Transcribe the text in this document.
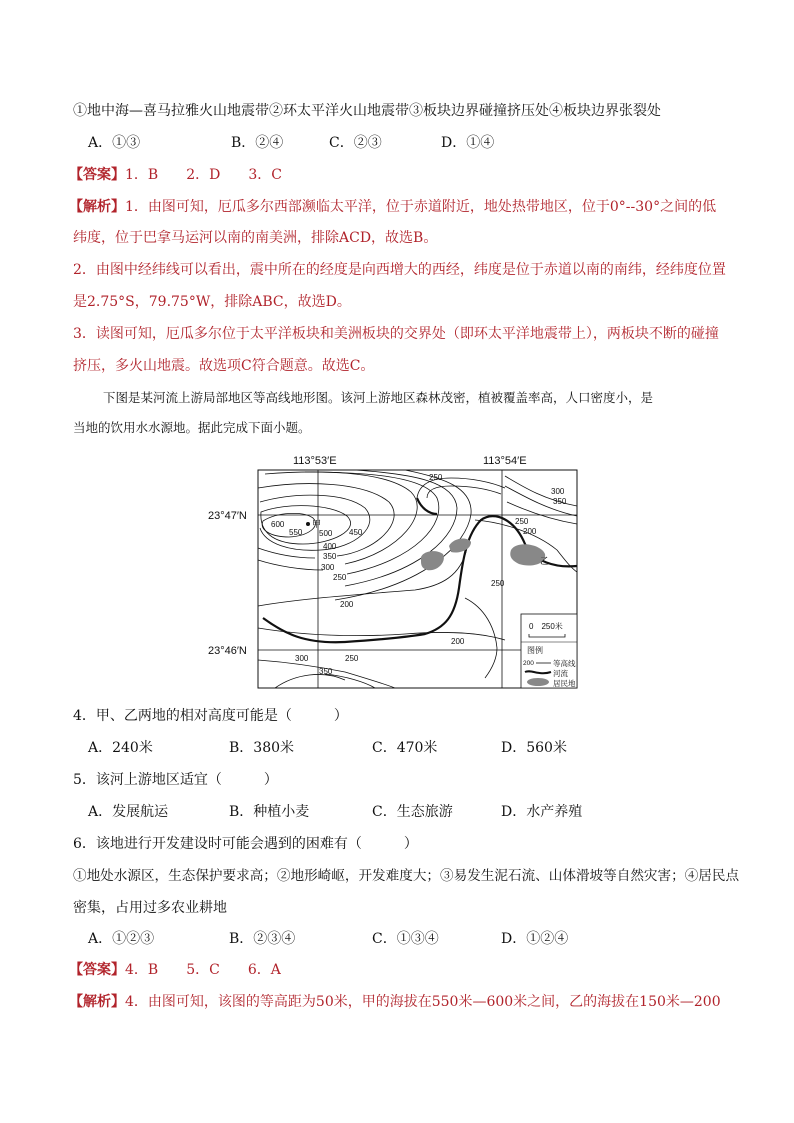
①地中海—喜马拉雅火山地震带②环太平洋火山地震带③板块边界碰撞挤压处④板块边界张裂处
A．①③	B．②④	C．②③	D．①④
【答案】1．B　　2．D　　3．C
【解析】1．由图可知，厄瓜多尔西部濒临太平洋，位于赤道附近，地处热带地区，位于0°--30°之间的低
纬度，位于巴拿马运河以南的南美洲，排除ACD，故选B。
2．由图中经纬线可以看出，震中所在的经度是向西增大的西经，纬度是位于赤道以南的南纬，经纬度位置
是2.75°S，79.75°W，排除ABC，故选D。
3．读图可知，厄瓜多尔位于太平洋板块和美洲板块的交界处（即环太平洋地震带上），两板块不断的碰撞
挤压，多火山地震。故选项C符合题意。故选C。
下图是某河流上游局部地区等高线地形图。该河上游地区森林茂密，植被覆盖率高，人口密度小，是
当地的饮用水水源地。据此完成下面小题。
113°53′E	113°54′E
23°47′N
23°46′N
甲
乙
600
550 500 450
400
350
300
250
200
250
300
350
250
200
250
200
300	250
350
0　250米
图例
200	等高线
河流
居民地
4．甲、乙两地的相对高度可能是（　　　）
A．240米	B．380米	C．470米	D．560米
5．该河上游地区适宜（　　　）
A．发展航运	B．种植小麦	C．生态旅游	D．水产养殖
6．该地进行开发建设时可能会遇到的困难有（　　　）
①地处水源区，生态保护要求高；②地形崎岖，开发难度大；③易发生泥石流、山体滑坡等自然灾害；④居民点
密集，占用过多农业耕地
A．①②③	B．②③④	C．①③④	D．①②④
【答案】4．B　　5．C　　6．A
【解析】4．由图可知，该图的等高距为50米，甲的海拔在550米—600米之间，乙的海拔在150米—200
